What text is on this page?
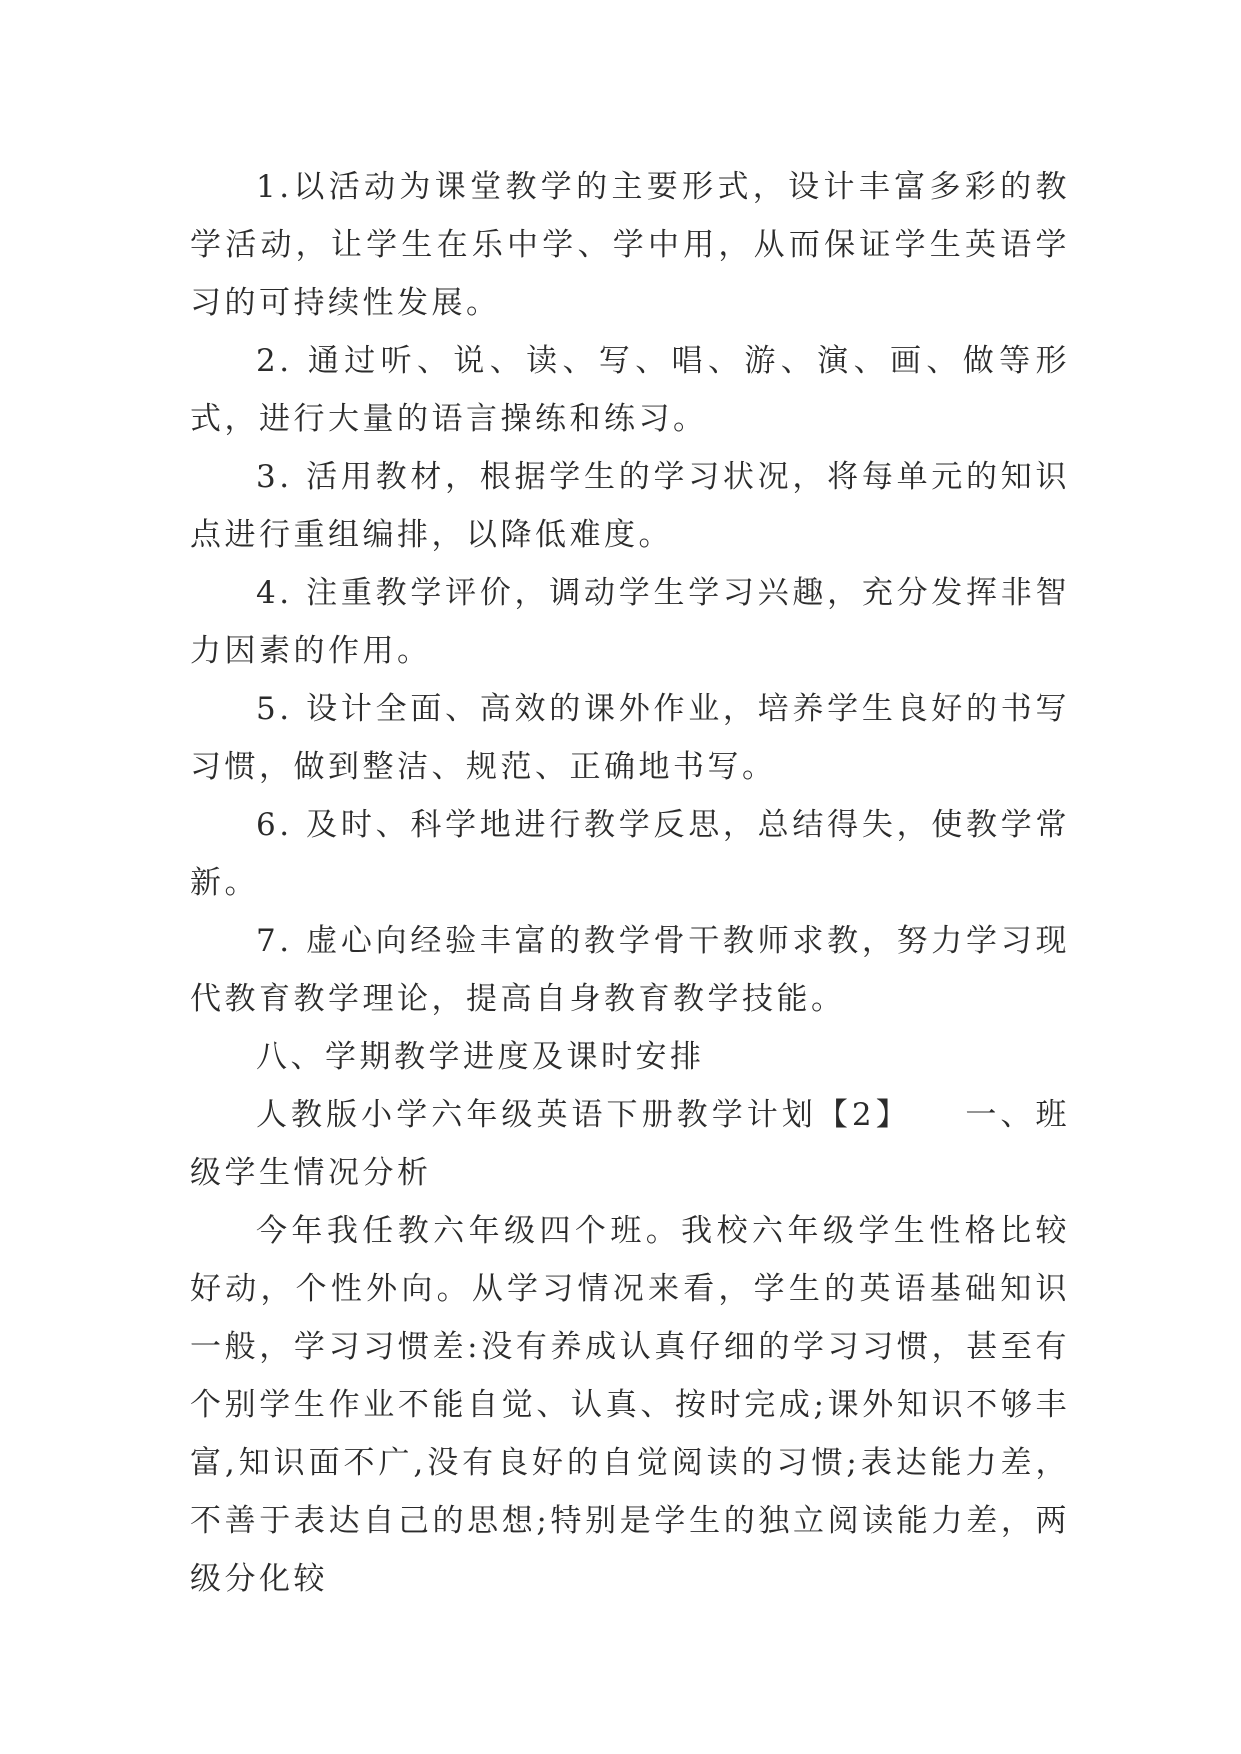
1.以活动为课堂教学的主要形式，设计丰富多彩的教学活动，让学生在乐中学、学中用，从而保证学生英语学习的可持续性发展。

2. 通过听、说、读、写、唱、游、演、画、做等形式，进行大量的语言操练和练习。

3. 活用教材，根据学生的学习状况，将每单元的知识点进行重组编排，以降低难度。

4. 注重教学评价，调动学生学习兴趣，充分发挥非智力因素的作用。

5. 设计全面、高效的课外作业，培养学生良好的书写习惯，做到整洁、规范、正确地书写。

6. 及时、科学地进行教学反思，总结得失，使教学常新。

7. 虚心向经验丰富的教学骨干教师求教，努力学习现代教育教学理论，提高自身教育教学技能。

八、学期教学进度及课时安排

人教版小学六年级英语下册教学计划【2】　　一、班级学生情况分析

今年我任教六年级四个班。我校六年级学生性格比较好动，个性外向。从学习情况来看，学生的英语基础知识一般，学习习惯差:没有养成认真仔细的学习习惯，甚至有个别学生作业不能自觉、认真、按时完成;课外知识不够丰富,知识面不广,没有良好的自觉阅读的习惯;表达能力差，不善于表达自己的思想;特别是学生的独立阅读能力差，两级分化较
